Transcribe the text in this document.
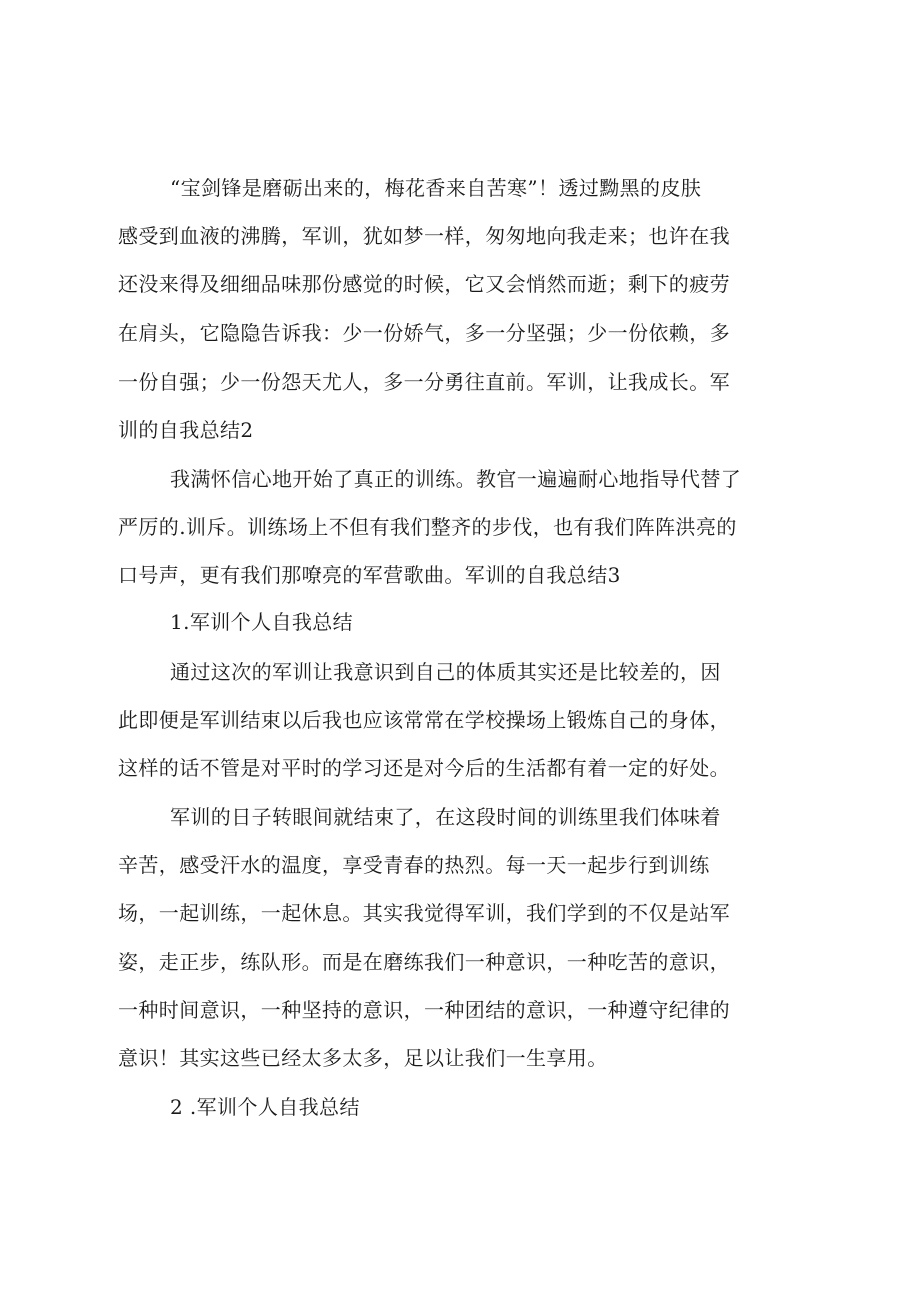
“宝剑锋是磨砺出来的，梅花香来自苦寒”！透过黝黑的皮肤
感受到血液的沸腾，军训，犹如梦一样，匆匆地向我走来；也许在我
还没来得及细细品味那份感觉的时候，它又会悄然而逝；剩下的疲劳
在肩头，它隐隐告诉我：少一份娇气，多一分坚强；少一份依赖，多
一份自强；少一份怨天尤人，多一分勇往直前。军训，让我成长。军
训的自我总结2
我满怀信心地开始了真正的训练。教官一遍遍耐心地指导代替了
严厉的.训斥。训练场上不但有我们整齐的步伐，也有我们阵阵洪亮的
口号声，更有我们那嘹亮的军营歌曲。军训的自我总结3
1.军训个人自我总结
通过这次的军训让我意识到自己的体质其实还是比较差的，因
此即便是军训结束以后我也应该常常在学校操场上锻炼自己的身体，
这样的话不管是对平时的学习还是对今后的生活都有着一定的好处。
军训的日子转眼间就结束了，在这段时间的训练里我们体味着
辛苦，感受汗水的温度，享受青春的热烈。每一天一起步行到训练
场，一起训练，一起休息。其实我觉得军训，我们学到的不仅是站军
姿，走正步，练队形。而是在磨练我们一种意识，一种吃苦的意识，
一种时间意识，一种坚持的意识，一种团结的意识，一种遵守纪律的
意识！其实这些已经太多太多，足以让我们一生享用。
2 .军训个人自我总结
